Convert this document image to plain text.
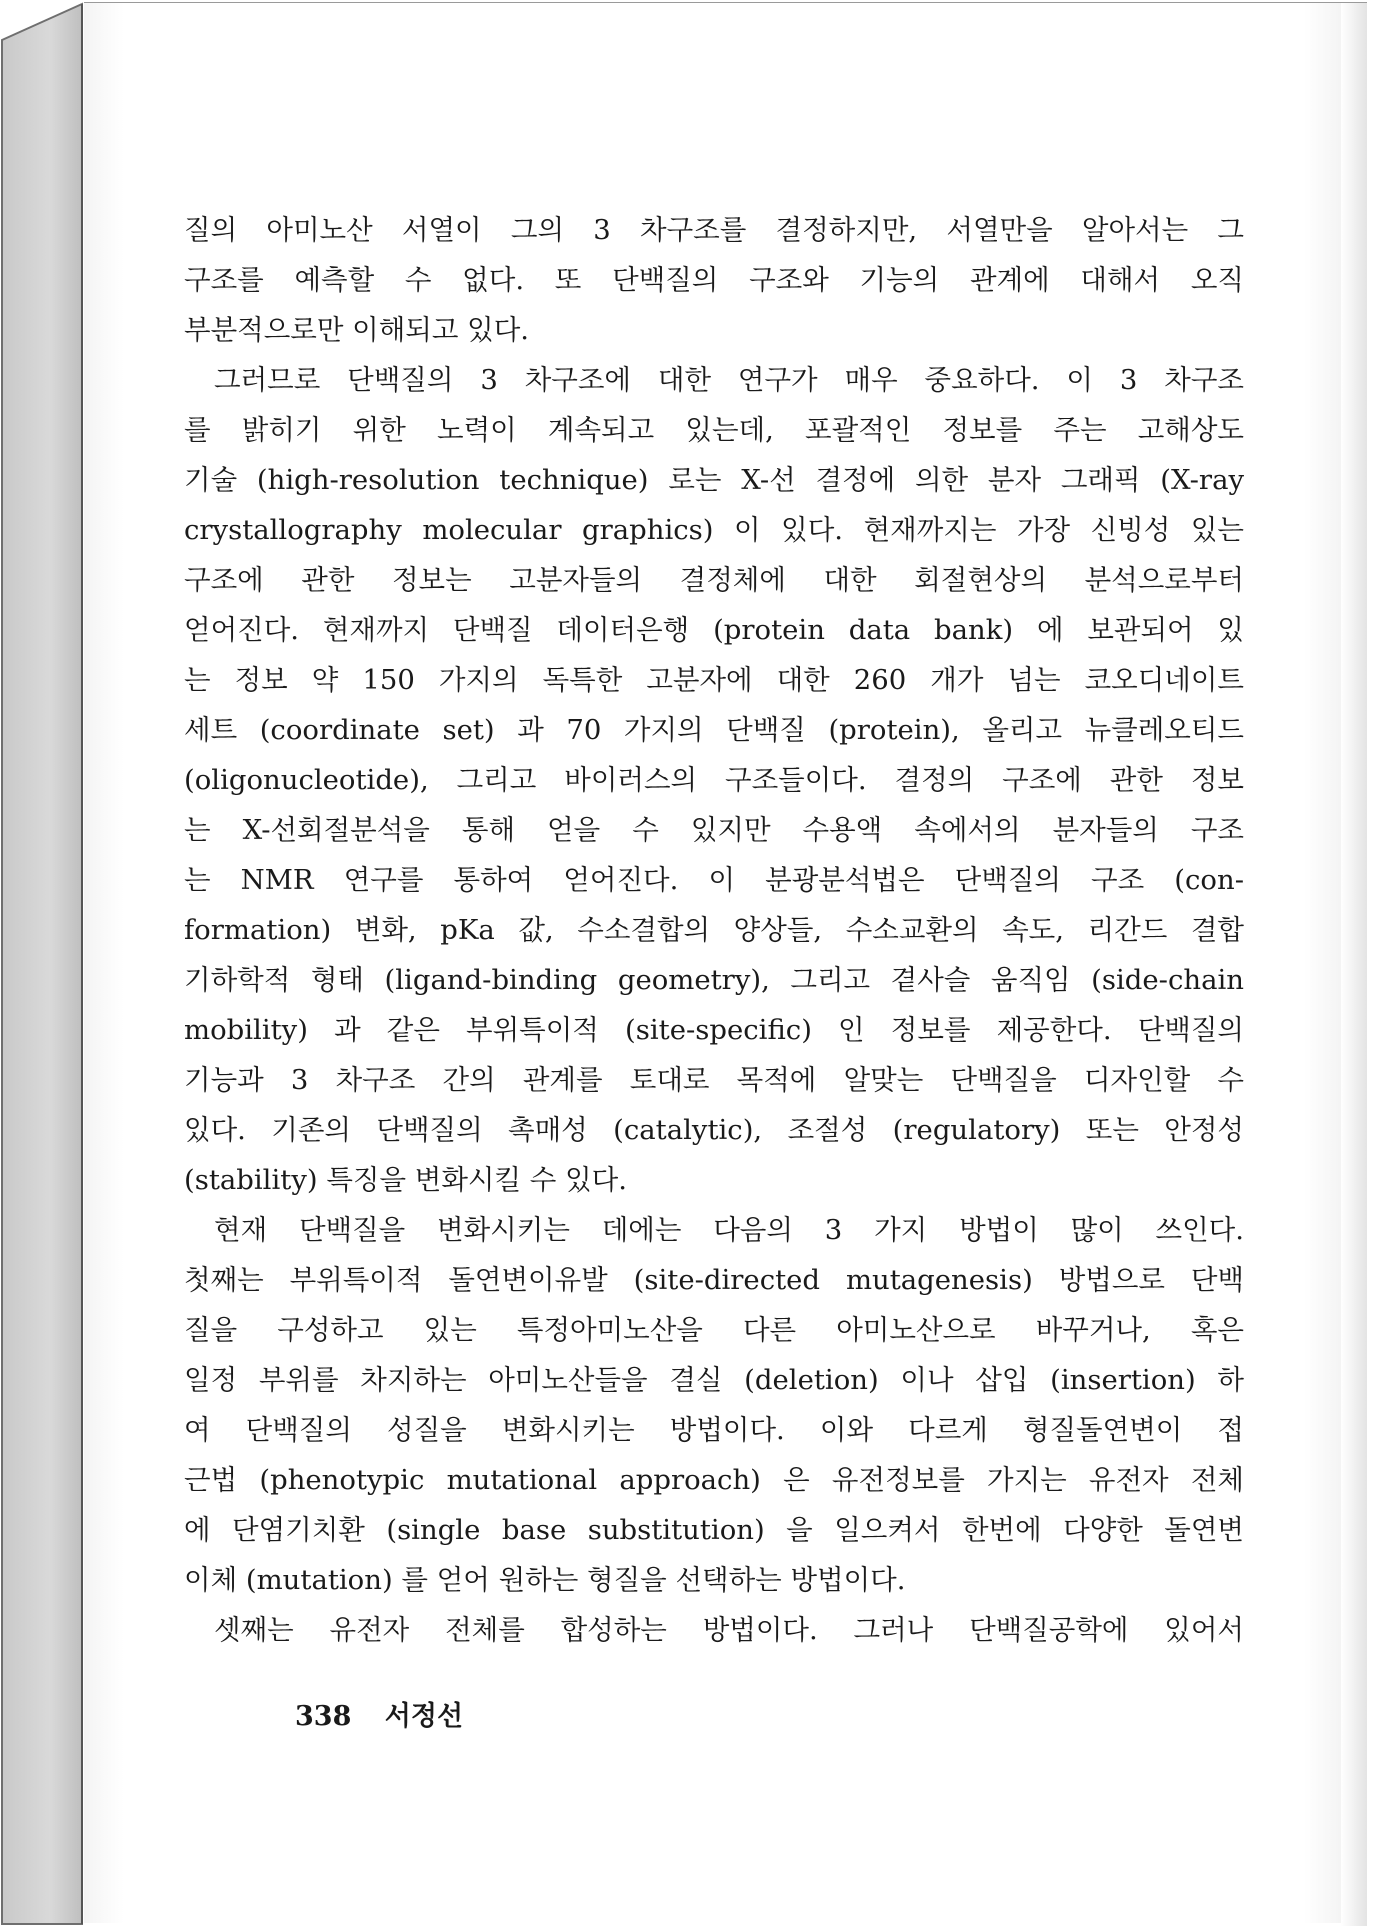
질의 아미노산 서열이 그의 3 차구조를 결정하지만, 서열만을 알아서는 그
구조를 예측할 수 없다. 또 단백질의 구조와 기능의 관계에 대해서 오직
부분적으로만 이해되고 있다.
그러므로 단백질의 3 차구조에 대한 연구가 매우 중요하다. 이 3 차구조
를 밝히기 위한 노력이 계속되고 있는데, 포괄적인 정보를 주는 고해상도
기술 (high-resolution technique) 로는 X-선 결정에 의한 분자 그래픽 (X-ray
crystallography molecular graphics) 이 있다. 현재까지는 가장 신빙성 있는
구조에 관한 정보는 고분자들의 결정체에 대한 회절현상의 분석으로부터
얻어진다. 현재까지 단백질 데이터은행 (protein data bank) 에 보관되어 있
는 정보 약 150 가지의 독특한 고분자에 대한 260 개가 넘는 코오디네이트
세트 (coordinate set) 과 70 가지의 단백질 (protein), 올리고 뉴클레오티드
(oligonucleotide), 그리고 바이러스의 구조들이다. 결정의 구조에 관한 정보
는 X-선회절분석을 통해 얻을 수 있지만 수용액 속에서의 분자들의 구조
는 NMR 연구를 통하여 얻어진다. 이 분광분석법은 단백질의 구조 (con-
formation) 변화, pKa 값, 수소결합의 양상들, 수소교환의 속도, 리간드 결합
기하학적 형태 (ligand-binding geometry), 그리고 곁사슬 움직임 (side-chain
mobility) 과 같은 부위특이적 (site-specific) 인 정보를 제공한다. 단백질의
기능과 3 차구조 간의 관계를 토대로 목적에 알맞는 단백질을 디자인할 수
있다. 기존의 단백질의 촉매성 (catalytic), 조절성 (regulatory) 또는 안정성
(stability) 특징을 변화시킬 수 있다.
현재 단백질을 변화시키는 데에는 다음의 3 가지 방법이 많이 쓰인다.
첫째는 부위특이적 돌연변이유발 (site-directed mutagenesis) 방법으로 단백
질을 구성하고 있는 특정아미노산을 다른 아미노산으로 바꾸거나, 혹은
일정 부위를 차지하는 아미노산들을 결실 (deletion) 이나 삽입 (insertion) 하
여 단백질의 성질을 변화시키는 방법이다. 이와 다르게 형질돌연변이 접
근법 (phenotypic mutational approach) 은 유전정보를 가지는 유전자 전체
에 단염기치환 (single base substitution) 을 일으켜서 한번에 다양한 돌연변
이체 (mutation) 를 얻어 원하는 형질을 선택하는 방법이다.
셋째는 유전자 전체를 합성하는 방법이다. 그러나 단백질공학에 있어서
338 서정선
